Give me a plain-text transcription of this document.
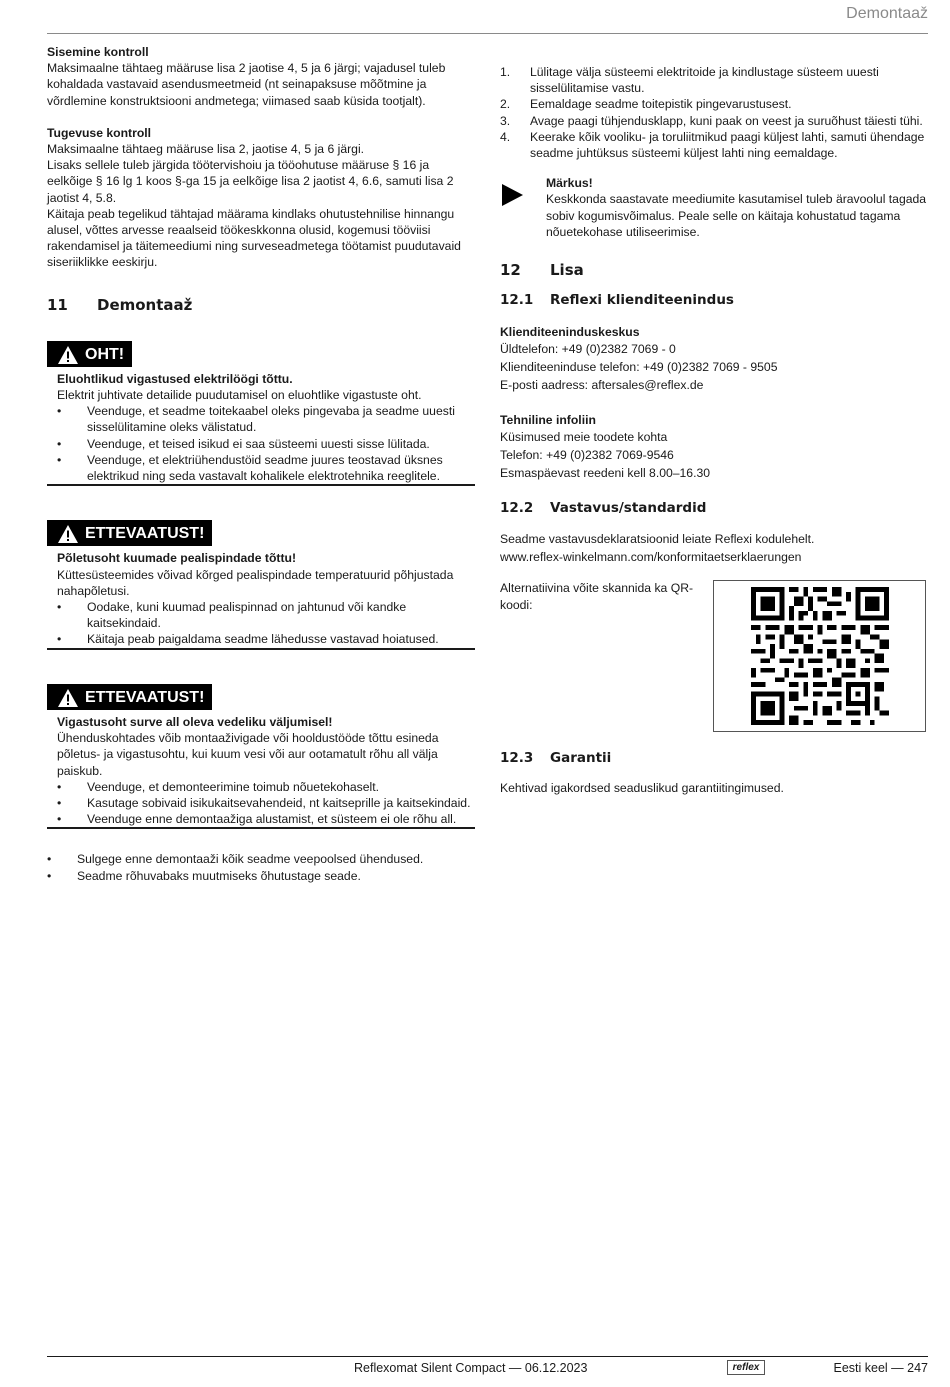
Demontaaž

Sisemine kontroll

Maksimaalne tähtaeg määruse lisa 2 jaotise 4, 5 ja 6 järgi; vajadusel tuleb kohaldada vastavaid asendusmeetmeid (nt seinapaksuse mõõtmine ja võrdlemine konstruktsiooni andmetega; viimased saab küsida tootjalt).

Tugevuse kontroll

Maksimaalne tähtaeg määruse lisa 2, jaotise 4, 5 ja 6 järgi.

Lisaks sellele tuleb järgida töötervishoiu ja tööohutuse määruse § 16 ja eelkõige § 16 lg 1 koos §-ga 15 ja eelkõige lisa 2 jaotist 4, 6.6, samuti lisa 2 jaotist 4, 5.8.

Käitaja peab tegelikud tähtajad määrama kindlaks ohutustehnilise hinnangu alusel, võttes arvesse reaalseid töökeskkonna olusid, kogemusi tööviisi rakendamisel ja täitemeediumi ning surveseadmetega töötamist puudutavaid siseriiklikke eeskirju.

11 Demontaaž
OHT!

Eluohtlikud vigastused elektrilöögi tõttu.

Elektrit juhtivate detailide puudutamisel on eluohtlike vigastuste oht.

•	Veenduge, et seadme toitekaabel oleks pingevaba ja seadme uuesti sisselülitamine oleks välistatud.
•	Veenduge, et teised isikud ei saa süsteemi uuesti sisse lülitada.
•	Veenduge, et elektriühendustöid seadme juures teostavad üksnes elektrikud ning seda vastavalt kohalikele elektrotehnika reeglitele.
ETTEVAATUST!

Põletusoht kuumade pealispindade tõttu!

Küttesüsteemides võivad kõrged pealispindade temperatuurid põhjustada nahapõletusi.

•	Oodake, kuni kuumad pealispinnad on jahtunud või kandke kaitsekindaid.
•	Käitaja peab paigaldama seadme lähedusse vastavad hoiatused.
ETTEVAATUST!

Vigastusoht surve all oleva vedeliku väljumisel!

Ühenduskohtades võib montaaživigade või hooldustööde tõttu esineda põletus- ja vigastusohtu, kui kuum vesi või aur ootamatult rõhu all välja paiskub.

•	Veenduge, et demonteerimine toimub nõuetekohaselt.
•	Kasutage sobivaid isikukaitsevahendeid, nt kaitseprille ja kaitsekindaid.
•	Veenduge enne demontaažiga alustamist, et süsteem ei ole rõhu all.
•	Sulgege enne demontaaži kõik seadme veepoolsed ühendused.
•	Seadme rõhuvabaks muutmiseks õhutustage seade.
1.	Lülitage välja süsteemi elektritoide ja kindlustage süsteem uuesti sisselülitamise vastu.
2.	Eemaldage seadme toitepistik pingevarustusest.
3.	Avage paagi tühjendusklapp, kuni paak on veest ja suruõhust täiesti tühi.
4.	Keerake kõik vooliku- ja toruliitmikud paagi küljest lahti, samuti ühendage seadme juhtüksus süsteemi küljest lahti ning eemaldage.

Märkus!

Keskkonda saastavate meediumite kasutamisel tuleb äravoolul tagada sobiv kogumisvõimalus. Peale selle on käitaja kohustatud tagama nõuetekohase utiliseerimise.

12 Lisa
12.1 Reflexi klienditeenindus

Klienditeeninduskeskus

Üldtelefon: +49 (0)2382 7069 - 0

Klienditeeninduse telefon: +49 (0)2382 7069 - 9505

E-posti aadress: aftersales@reflex.de

Tehniline infoliin

Küsimused meie toodete kohta

Telefon: +49 (0)2382 7069-9546

Esmaspäevast reedeni kell 8.00–16.30

12.2 Vastavus/standardid

Seadme vastavusdeklaratsioonid leiate Reflexi kodulehelt.

www.reflex-winkelmann.com/konformitaetserklaerungen

Alternatiivina võite skannida ka QR-koodi:

12.3 Garantii

Kehtivad igakordsed seaduslikud garantiitingimused.

Reflexomat Silent Compact — 06.12.2023	reflex	Eesti keel — 247
